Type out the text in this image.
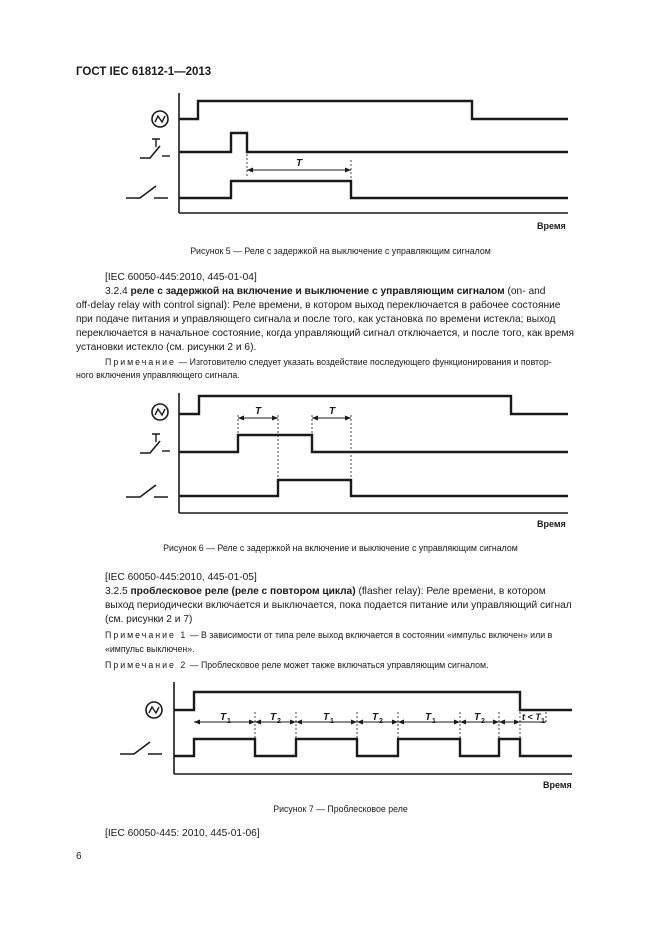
ГОСТ IEC 61812-1—2013
T
Время
Рисунок 5 — Реле с задержкой на выключение с управляющим сигналом
[IEC 60050-445:2010, 445-01-04]
3.2.4 реле с задержкой на включение и выключение с управляющим сигналом (on- and
off-delay relay with control signal): Реле времени, в котором выход переключается в рабочее состояние
при подаче питания и управляющего сигнала и после того, как установка по времени истекла; выход
переключается в начальное состояние, когда управляющий сигнал отключается, и после того, как время
установки истекло (см. рисунки 2 и 6).
Примечание — Изготовителю следует указать воздействие последующего функционирования и повтор-
ного включения управляющего сигнала.
T	T
Время
Рисунок 6 — Реле с задержкой на включение и выключение с управляющим сигналом
[IEC 60050-445:2010, 445-01-05]
3.2.5 проблесковое реле (реле с повтором цикла) (flasher relay): Реле времени, в котором
выход периодически включается и выключается, пока подается питание или управляющий сигнал
(см. рисунки 2 и 7)
Примечание 1 — В зависимости от типа реле выход включается в состоянии «импульс включен» или в
«импульс выключен».
Примечание 2 — Проблесковое реле может также включаться управляющим сигналом.
T 1	T 2	T 1	T 2	T 1	T 2	t < T 1
Время
Рисунок 7 — Проблесковое реле
[IEC 60050-445: 2010, 445-01-06]
6
